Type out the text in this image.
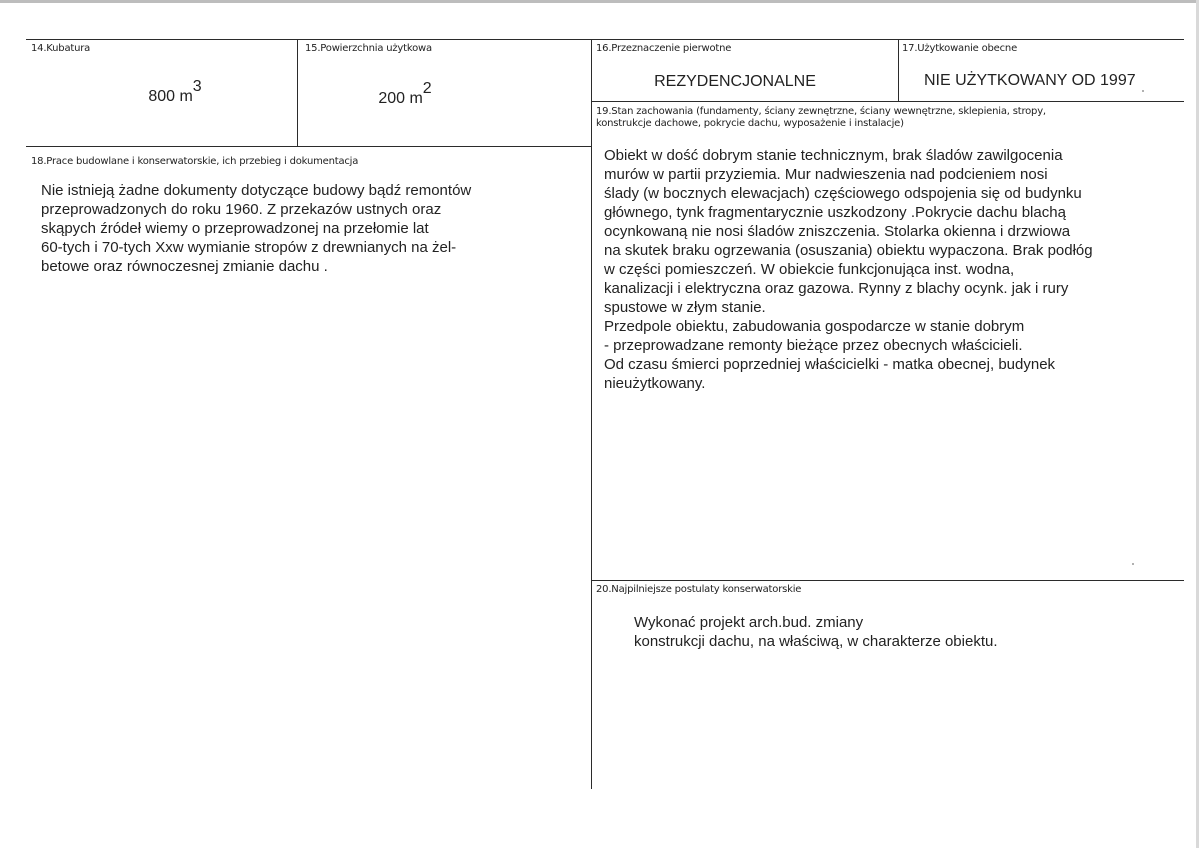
14.Kubatura
800 $m^3$
15.Powierzchnia użytkowa
200 $m^2$
16.Przeznaczenie pierwotne
REZYDENCJONALNE
17.Użytkowanie obecne
NIE UŻYTKOWANY OD 1997
19.Stan zachowania (fundamenty, ściany zewnętrzne, ściany wewnętrzne, sklepienia, stropy, konstrukcje dachowe, pokrycie dachu, wyposażenie i instalacje)

Obiekt w dość dobrym stanie technicznym, brak śladów zawilgocenia

murów w partii przyziemia. Mur nadwieszenia nad podcieniem nosi

ślady (w bocznych elewacjach) częściowego odspojenia się od budynku

głównego, tynk fragmentarycznie uszkodzony .Pokrycie dachu blachą

ocynkowaną nie nosi śladów zniszczenia. Stolarka okienna i drzwiowa

na skutek braku ogrzewania (osuszania) obiektu wypaczona. Brak podłóg

w części pomieszczeń. W obiekcie funkcjonująca inst. wodna,

kanalizacji i elektryczna oraz gazowa. Rynny z blachy ocynk. jak i rury

spustowe w złym stanie.

Przedpole obiektu, zabudowania gospodarcze w stanie dobrym

- przeprowadzane remonty bieżące przez obecnych właścicieli.

Od czasu śmierci poprzedniej właścicielki - matka obecnej, budynek

nieużytkowany.

18.Prace budowlane i konserwatorskie, ich przebieg i dokumentacja

Nie istnieją żadne dokumenty dotyczące budowy bądź remontów

przeprowadzonych do roku 1960. Z przekazów ustnych oraz

skąpych źródeł wiemy o przeprowadzonej na przełomie lat

60-tych i 70-tych Xxw wymianie stropów z drewnianych na żel-

betowe oraz równoczesnej zmianie dachu .

20.Najpilniejsze postulaty konserwatorskie

Wykonać projekt arch.bud. zmiany

konstrukcji dachu, na właściwą, w charakterze obiektu.
